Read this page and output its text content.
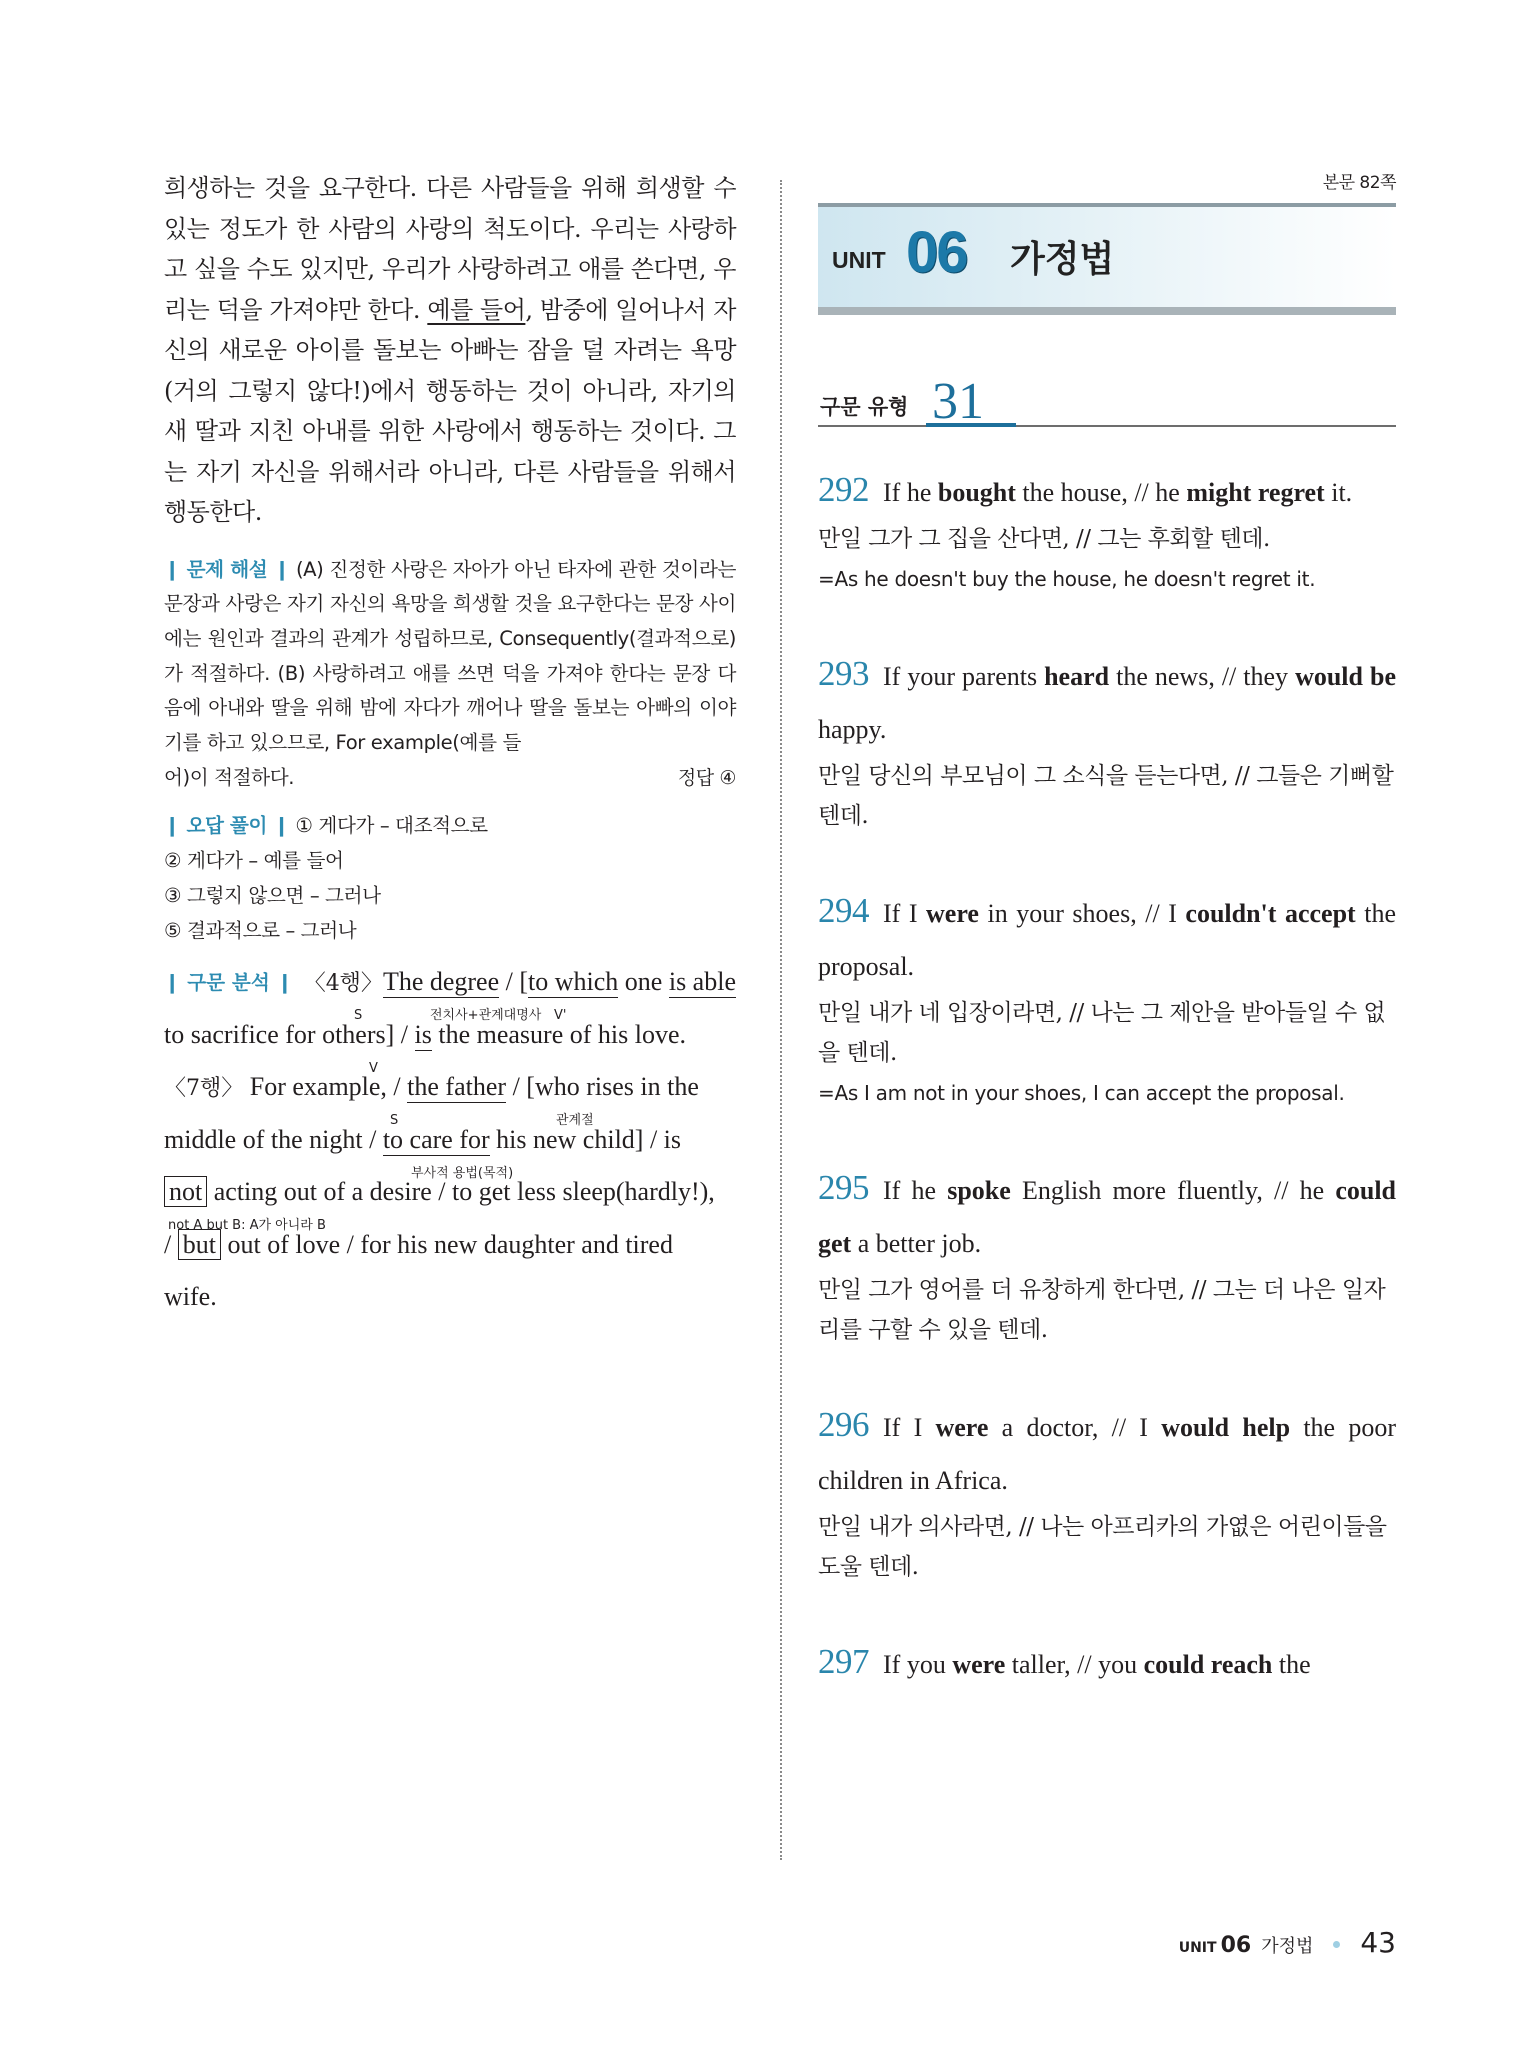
희생하는 것을 요구한다. 다른 사람들을 위해 희생할 수 있는 정도가 한 사람의 사랑의 척도이다. 우리는 사랑하고 싶을 수도 있지만, 우리가 사랑하려고 애를 쓴다면, 우리는 덕을 가져야만 한다. 예를 들어, 밤중에 일어나서 자신의 새로운 아이를 돌보는 아빠는 잠을 덜 자려는 욕망(거의 그렇지 않다!)에서 행동하는 것이 아니라, 자기의 새 딸과 지친 아내를 위한 사랑에서 행동하는 것이다. 그는 자기 자신을 위해서라 아니라, 다른 사람들을 위해서 행동한다.

❙ 문제 해설 ❙ (A) 진정한 사랑은 자아가 아닌 타자에 관한 것이라는 문장과 사랑은 자기 자신의 욕망을 희생할 것을 요구한다는 문장 사이에는 원인과 결과의 관계가 성립하므로, Consequently(결과적으로)가 적절하다. (B) 사랑하려고 애를 쓰면 덕을 가져야 한다는 문장 다음에 아내와 딸을 위해 밤에 자다가 깨어나 딸을 돌보는 아빠의 이야기를 하고 있으므로, For example(예를 들

어)이 적절하다.	정답 ④

❙ 오답 풀이 ❙ ① 게다가 – 대조적으로

② 게다가 – 예를 들어

③ 그렇지 않으면 – 그러나

⑤ 결과적으로 – 그러나

❙ 구문 분석 ❙ 〈4행〉The degree / [to which one is able
S	전치사+관계대명사 V'
to sacrifice for others] / is the measure of his love.
V
〈7행〉 For example, / the father / [who rises in the
S	관계절
middle of the night / to care for his new child] / is
부사적 용법(목적)
not acting out of a desire / to get less sleep(hardly!),
not A but B: A가 아니라 B
/ but out of love / for his new daughter and tired
wife.
본문 82쪽
UNIT 06 가정법
구문 유형 31

292 If he bought the house, // he might regret it.

만일 그가 그 집을 산다면, // 그는 후회할 텐데.

=As he doesn't buy the house, he doesn't regret it.

293 If your parents heard the news, // they would be happy.

만일 당신의 부모님이 그 소식을 듣는다면, // 그들은 기뻐할 텐데.

294 If I were in your shoes, // I couldn't accept the proposal.

만일 내가 네 입장이라면, // 나는 그 제안을 받아들일 수 없을 텐데.

=As I am not in your shoes, I can accept the proposal.

295 If he spoke English more fluently, // he could get a better job.

만일 그가 영어를 더 유창하게 한다면, // 그는 더 나은 일자리를 구할 수 있을 텐데.

296 If I were a doctor, // I would help the poor children in Africa.

만일 내가 의사라면, // 나는 아프리카의 가엾은 어린이들을 도울 텐데.

297 If you were taller, // you could reach the

UNIT 06 가정법 43
